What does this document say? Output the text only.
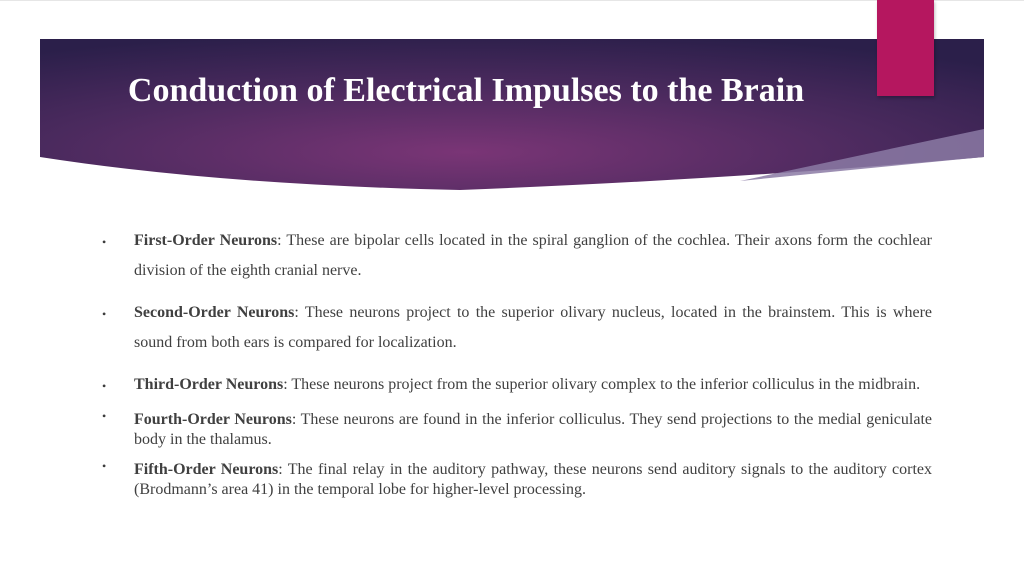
Conduction of Electrical Impulses to the Brain
• First-Order Neurons: These are bipolar cells located in the spiral ganglion of the cochlea. Their axons form the cochlear division of the eighth cranial nerve.
• Second-Order Neurons: These neurons project to the superior olivary nucleus, located in the brainstem. This is where sound from both ears is compared for localization.
• Third-Order Neurons: These neurons project from the superior olivary complex to the inferior colliculus in the midbrain.
• Fourth-Order Neurons: These neurons are found in the inferior colliculus. They send projections to the medial geniculate body in the thalamus.
• Fifth-Order Neurons: The final relay in the auditory pathway, these neurons send auditory signals to the auditory cortex (Brodmann’s area 41) in the temporal lobe for higher-level processing.
